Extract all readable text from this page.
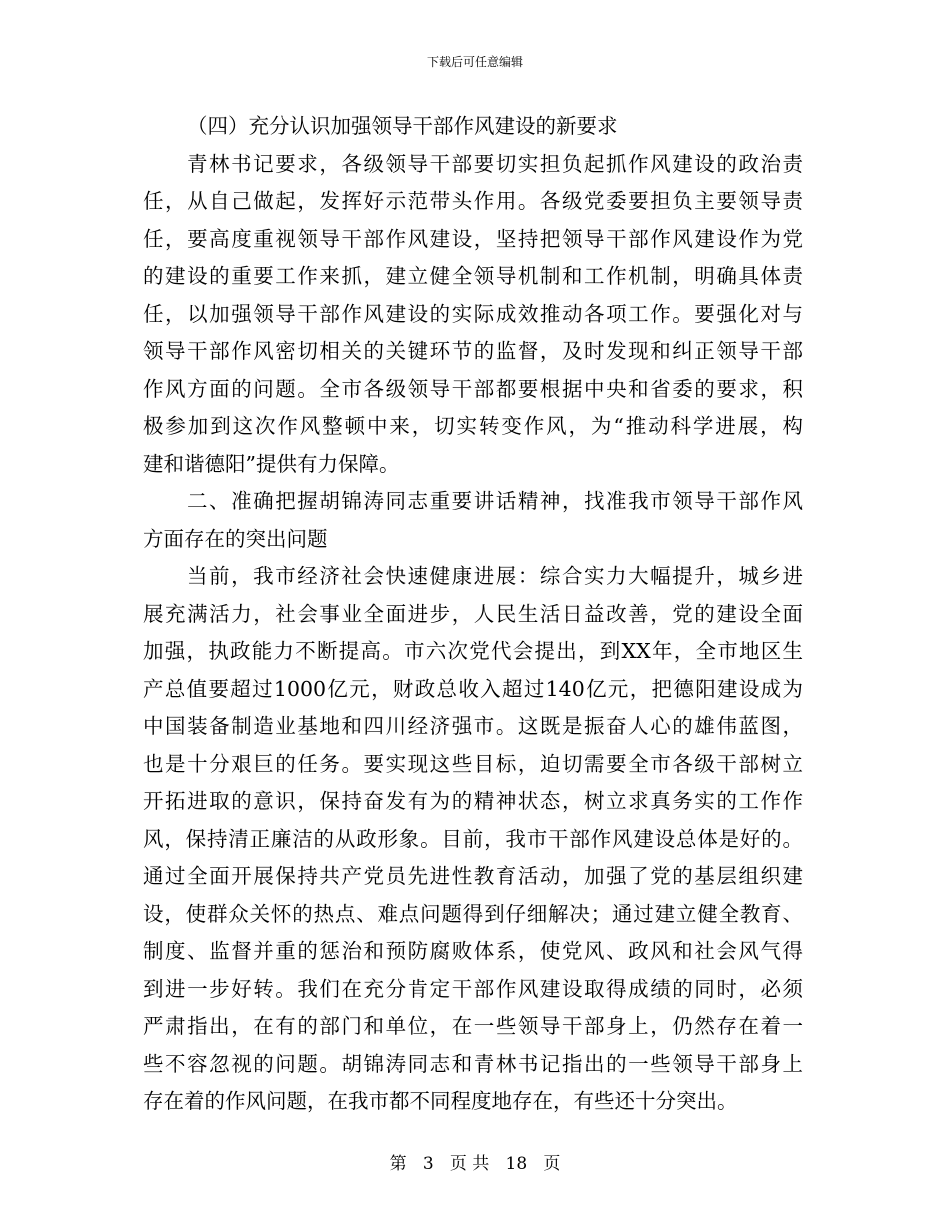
下载后可任意编辑
（四）充分认识加强领导干部作风建设的新要求
青林书记要求，各级领导干部要切实担负起抓作风建设的政治责
任，从自己做起，发挥好示范带头作用。各级党委要担负主要领导责
任，要高度重视领导干部作风建设，坚持把领导干部作风建设作为党
的建设的重要工作来抓，建立健全领导机制和工作机制，明确具体责
任，以加强领导干部作风建设的实际成效推动各项工作。要强化对与
领导干部作风密切相关的关键环节的监督，及时发现和纠正领导干部
作风方面的问题。全市各级领导干部都要根据中央和省委的要求，积
极参加到这次作风整顿中来，切实转变作风，为“推动科学进展，构
建和谐德阳”提供有力保障。
二、准确把握胡锦涛同志重要讲话精神，找准我市领导干部作风
方面存在的突出问题
当前，我市经济社会快速健康进展：综合实力大幅提升，城乡进
展充满活力，社会事业全面进步，人民生活日益改善，党的建设全面
加强，执政能力不断提高。市六次党代会提出，到XX年，全市地区生
产总值要超过1000亿元，财政总收入超过140亿元，把德阳建设成为
中国装备制造业基地和四川经济强市。这既是振奋人心的雄伟蓝图，
也是十分艰巨的任务。要实现这些目标，迫切需要全市各级干部树立
开拓进取的意识，保持奋发有为的精神状态，树立求真务实的工作作
风，保持清正廉洁的从政形象。目前，我市干部作风建设总体是好的。
通过全面开展保持共产党员先进性教育活动，加强了党的基层组织建
设，使群众关怀的热点、难点问题得到仔细解决；通过建立健全教育、
制度、监督并重的惩治和预防腐败体系，使党风、政风和社会风气得
到进一步好转。我们在充分肯定干部作风建设取得成绩的同时，必须
严肃指出，在有的部门和单位，在一些领导干部身上，仍然存在着一
些不容忽视的问题。胡锦涛同志和青林书记指出的一些领导干部身上
存在着的作风问题，在我市都不同程度地存在，有些还十分突出。
第 3 页 共 18 页
